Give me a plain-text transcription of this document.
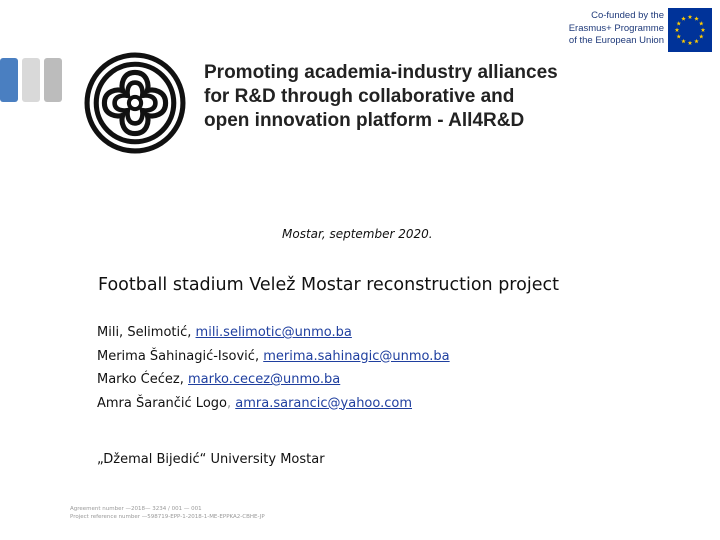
Co-funded by the
Erasmus+ Programme
of the European Union
Promoting academia-industry alliances
for R&D through collaborative and
open innovation platform - All4R&D
Mostar, september 2020.
Football stadium Velež Mostar reconstruction project
Mili, Selimotić, mili.selimotic@unmo.ba
Merima Šahinagić-Isović, merima.sahinagic@unmo.ba
Marko Ćećez, marko.cecez@unmo.ba
Amra Šarančić Logo, amra.sarancic@yahoo.com
„Džemal Bijedić“ University Mostar
Agreement number —2018— 3234 / 001 — 001
Project reference number —598719-EPP-1-2018-1-ME-EPPKA2-CBHE-JP
